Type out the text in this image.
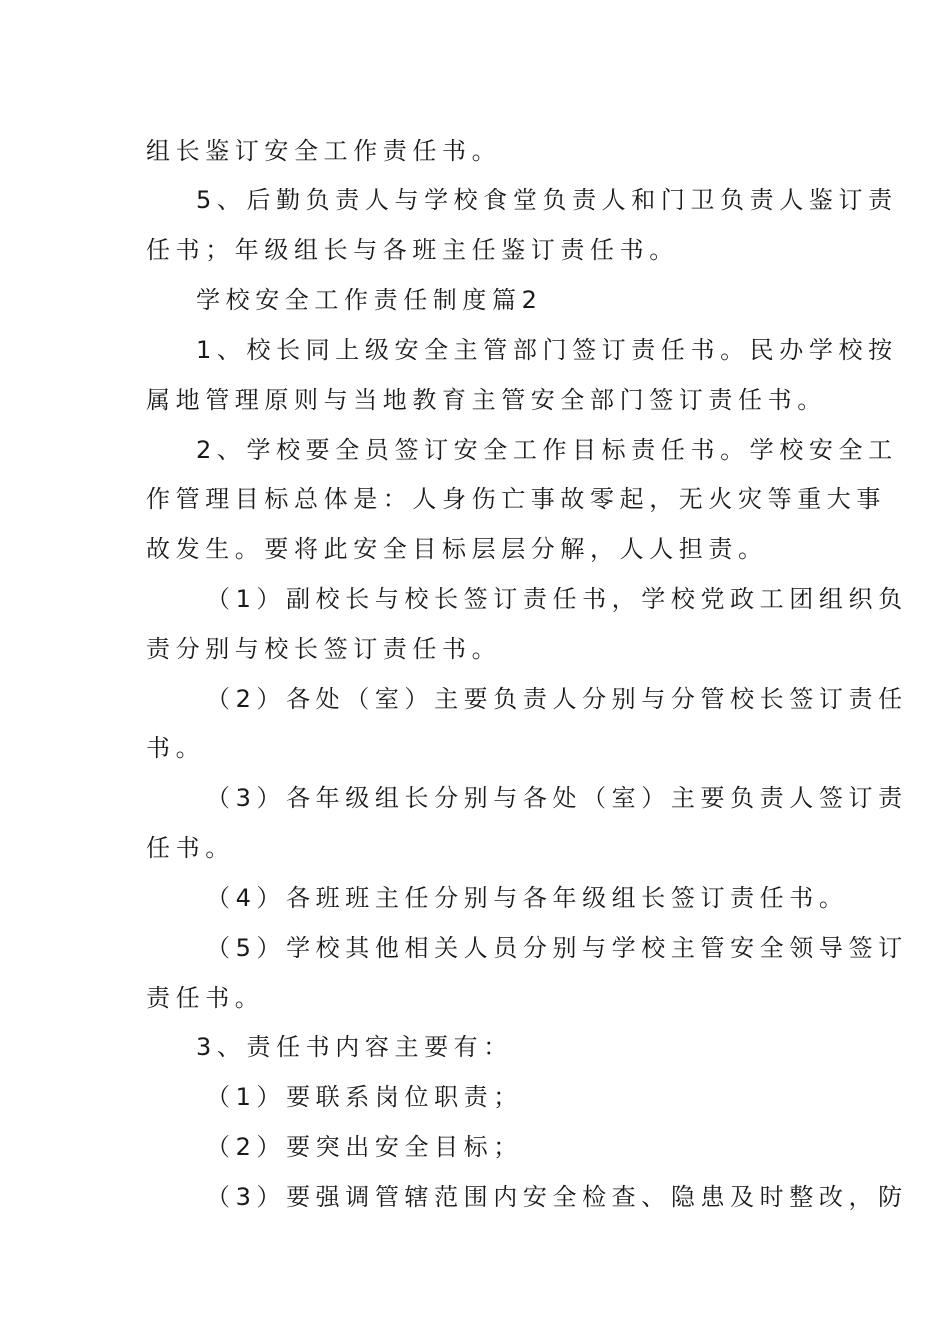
组长鉴订安全工作责任书。
5、后勤负责人与学校食堂负责人和门卫负责人鉴订责
任书；年级组长与各班主任鉴订责任书。
学校安全工作责任制度篇2
1、校长同上级安全主管部门签订责任书。民办学校按
属地管理原则与当地教育主管安全部门签订责任书。
2、学校要全员签订安全工作目标责任书。学校安全工
作管理目标总体是：人身伤亡事故零起，无火灾等重大事
故发生。要将此安全目标层层分解，人人担责。
（1）副校长与校长签订责任书，学校党政工团组织负
责分别与校长签订责任书。
（2）各处（室）主要负责人分别与分管校长签订责任
书。
（3）各年级组长分别与各处（室）主要负责人签订责
任书。
（4）各班班主任分别与各年级组长签订责任书。
（5）学校其他相关人员分别与学校主管安全领导签订
责任书。
3、责任书内容主要有：
（1）要联系岗位职责；
（2）要突出安全目标；
（3）要强调管辖范围内安全检查、隐患及时整改，防
